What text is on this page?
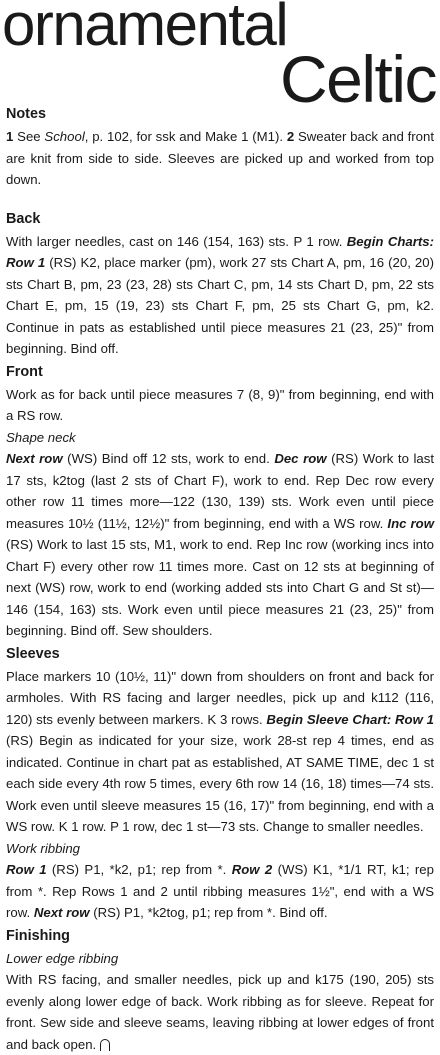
ornamental
Celtic
Notes

1 See School, p. 102, for ssk and Make 1 (M1). 2 Sweater back and front are knit from side to side. Sleeves are picked up and worked from top down.

Back

With larger needles, cast on 146 (154, 163) sts. P 1 row. Begin Charts: Row 1 (RS) K2, place marker (pm), work 27 sts Chart A, pm, 16 (20, 20) sts Chart B, pm, 23 (23, 28) sts Chart C, pm, 14 sts Chart D, pm, 22 sts Chart E, pm, 15 (19, 23) sts Chart F, pm, 25 sts Chart G, pm, k2. Continue in pats as established until piece measures 21 (23, 25)" from beginning. Bind off.

Front

Work as for back until piece measures 7 (8, 9)" from beginning, end with a RS row.

Shape neck

Next row (WS) Bind off 12 sts, work to end. Dec row (RS) Work to last 17 sts, k2tog (last 2 sts of Chart F), work to end. Rep Dec row every other row 11 times more—122 (130, 139) sts. Work even until piece measures 10½ (11½, 12½)" from beginning, end with a WS row. Inc row (RS) Work to last 15 sts, M1, work to end. Rep Inc row (working incs into Chart F) every other row 11 times more. Cast on 12 sts at beginning of next (WS) row, work to end (working added sts into Chart G and St st)—146 (154, 163) sts. Work even until piece measures 21 (23, 25)" from beginning. Bind off. Sew shoulders.

Sleeves

Place markers 10 (10½, 11)" down from shoulders on front and back for armholes. With RS facing and larger needles, pick up and k112 (116, 120) sts evenly between markers. K 3 rows. Begin Sleeve Chart: Row 1 (RS) Begin as indicated for your size, work 28-st rep 4 times, end as indicated. Continue in chart pat as established, AT SAME TIME, dec 1 st each side every 4th row 5 times, every 6th row 14 (16, 18) times—74 sts. Work even until sleeve measures 15 (16, 17)" from beginning, end with a WS row. K 1 row. P 1 row, dec 1 st—73 sts. Change to smaller needles.

Work ribbing

Row 1 (RS) P1, *k2, p1; rep from *. Row 2 (WS) K1, *1/1 RT, k1; rep from *. Rep Rows 1 and 2 until ribbing measures 1½", end with a WS row. Next row (RS) P1, *k2tog, p1; rep from *. Bind off.

Finishing

Lower edge ribbing

With RS facing, and smaller needles, pick up and k175 (190, 205) sts evenly along lower edge of back. Work ribbing as for sleeve. Repeat for front. Sew side and sleeve seams, leaving ribbing at lower edges of front and back open.
